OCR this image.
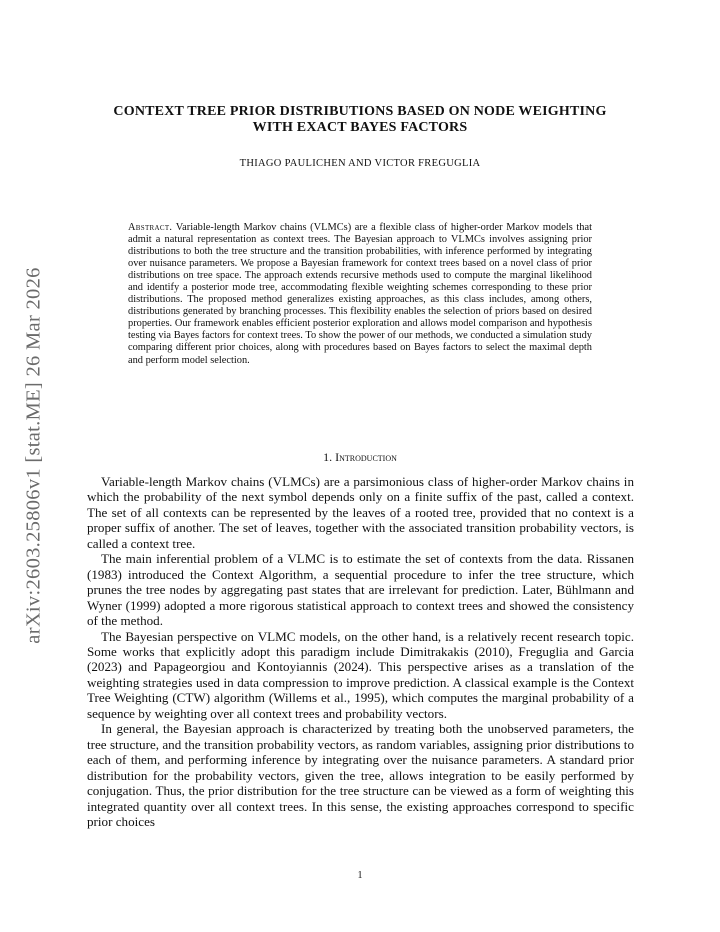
arXiv:2603.25806v1 [stat.ME] 26 Mar 2026
CONTEXT TREE PRIOR DISTRIBUTIONS BASED ON NODE WEIGHTING WITH EXACT BAYES FACTORS
THIAGO PAULICHEN AND VICTOR FREGUGLIA
Abstract. Variable-length Markov chains (VLMCs) are a flexible class of higher-order Markov models that admit a natural representation as context trees. The Bayesian approach to VLMCs involves assigning prior distributions to both the tree structure and the transition probabilities, with inference performed by integrating over nuisance parameters. We propose a Bayesian framework for context trees based on a novel class of prior distributions on tree space. The approach extends recursive methods used to compute the marginal likelihood and identify a posterior mode tree, accommodating flexible weighting schemes corresponding to these prior distributions. The proposed method generalizes existing approaches, as this class includes, among others, distributions generated by branching processes. This flexibility enables the selection of priors based on desired properties. Our framework enables efficient posterior exploration and allows model comparison and hypothesis testing via Bayes factors for context trees. To show the power of our methods, we conducted a simulation study comparing different prior choices, along with procedures based on Bayes factors to select the maximal depth and perform model selection.
1. Introduction

Variable-length Markov chains (VLMCs) are a parsimonious class of higher-order Markov chains in which the probability of the next symbol depends only on a finite suffix of the past, called a context. The set of all contexts can be represented by the leaves of a rooted tree, provided that no context is a proper suffix of another. The set of leaves, together with the associated transition probability vectors, is called a context tree.

The main inferential problem of a VLMC is to estimate the set of contexts from the data. Rissanen (1983) introduced the Context Algorithm, a sequential procedure to infer the tree structure, which prunes the tree nodes by aggregating past states that are irrelevant for prediction. Later, Bühlmann and Wyner (1999) adopted a more rigorous statistical approach to context trees and showed the consistency of the method.

The Bayesian perspective on VLMC models, on the other hand, is a relatively recent research topic. Some works that explicitly adopt this paradigm include Dimitrakakis (2010), Freguglia and Garcia (2023) and Papageorgiou and Kontoyiannis (2024). This perspective arises as a translation of the weighting strategies used in data compression to improve prediction. A classical example is the Context Tree Weighting (CTW) algorithm (Willems et al., 1995), which computes the marginal probability of a sequence by weighting over all context trees and probability vectors.

In general, the Bayesian approach is characterized by treating both the unobserved parameters, the tree structure, and the transition probability vectors, as random variables, assigning prior distributions to each of them, and performing inference by integrating over the nuisance parameters. A standard prior distribution for the probability vectors, given the tree, allows integration to be easily performed by conjugation. Thus, the prior distribution for the tree structure can be viewed as a form of weighting this integrated quantity over all context trees. In this sense, the existing approaches correspond to specific prior choices

1
